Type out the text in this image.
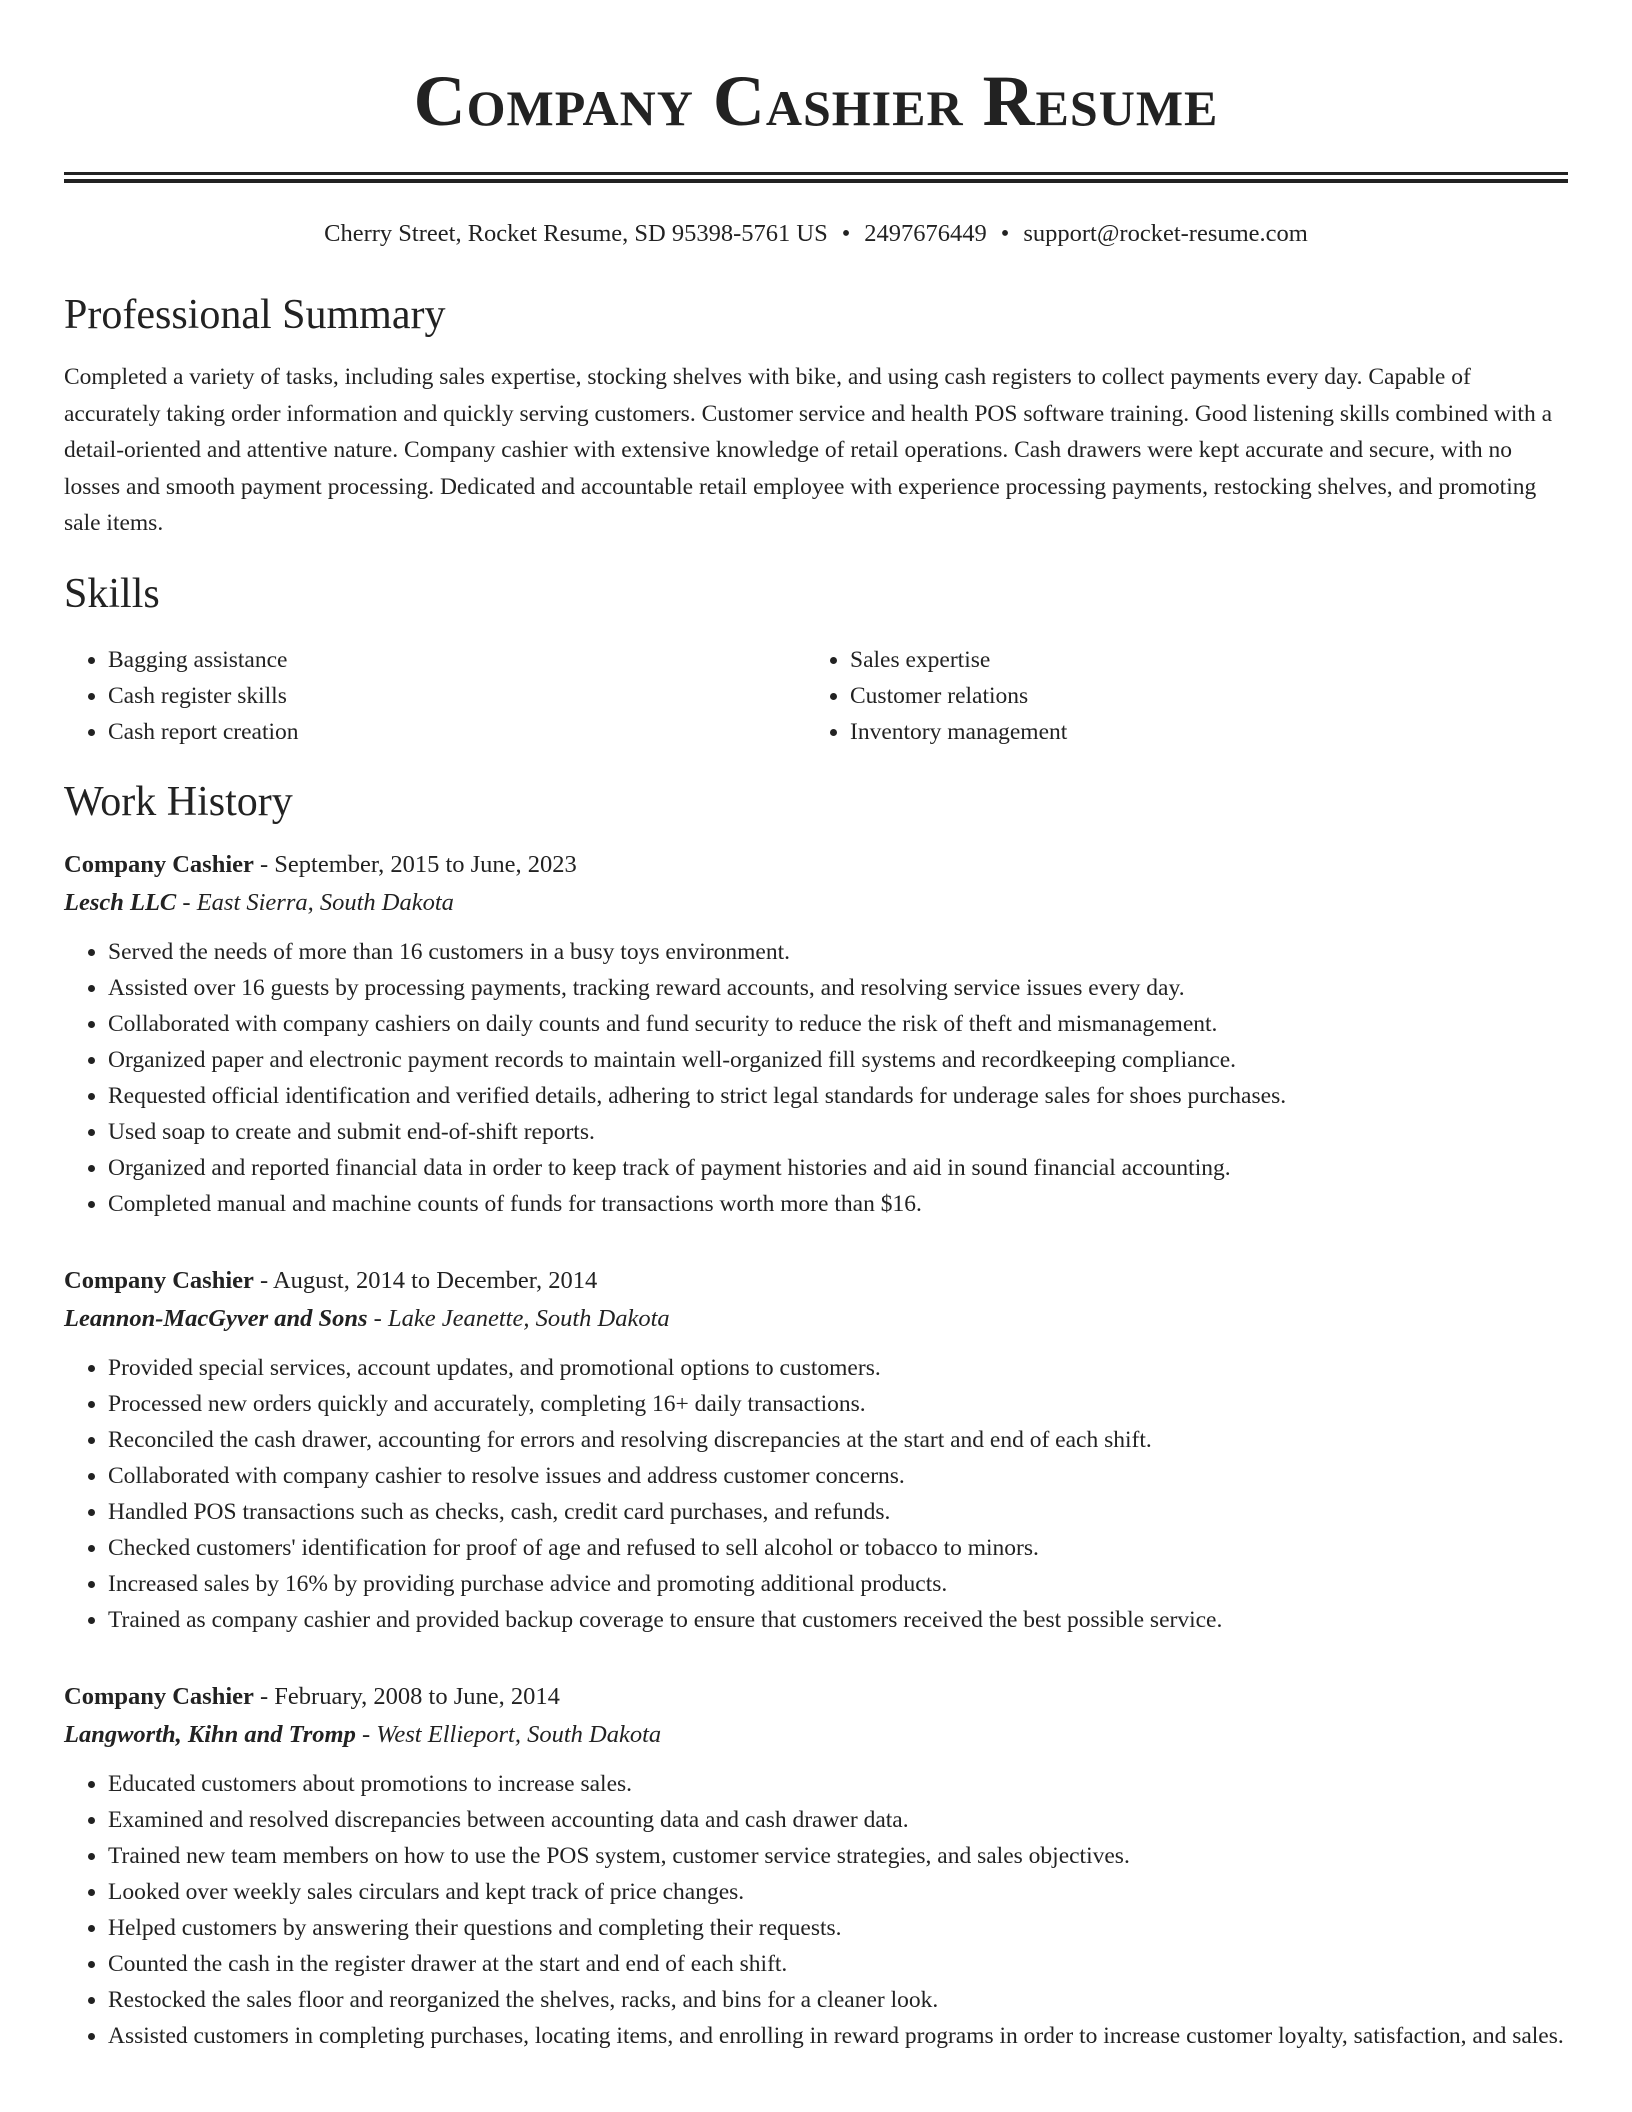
Company Cashier Resume
Cherry Street, Rocket Resume, SD 95398-5761 US • 2497676449 • support@rocket-resume.com
Professional Summary

Completed a variety of tasks, including sales expertise, stocking shelves with bike, and using cash registers to collect payments every day. Capable of accurately taking order information and quickly serving customers. Customer service and health POS software training. Good listening skills combined with a detail-oriented and attentive nature. Company cashier with extensive knowledge of retail operations. Cash drawers were kept accurate and secure, with no losses and smooth payment processing. Dedicated and accountable retail employee with experience processing payments, restocking shelves, and promoting sale items.

Skills
• Bagging assistance
• Cash register skills
• Cash report creation
• Sales expertise
• Customer relations
• Inventory management
Work History
Company Cashier - September, 2015 to June, 2023
Lesch LLC - East Sierra, South Dakota
• Served the needs of more than 16 customers in a busy toys environment.
• Assisted over 16 guests by processing payments, tracking reward accounts, and resolving service issues every day.
• Collaborated with company cashiers on daily counts and fund security to reduce the risk of theft and mismanagement.
• Organized paper and electronic payment records to maintain well-organized fill systems and recordkeeping compliance.
• Requested official identification and verified details, adhering to strict legal standards for underage sales for shoes purchases.
• Used soap to create and submit end-of-shift reports.
• Organized and reported financial data in order to keep track of payment histories and aid in sound financial accounting.
• Completed manual and machine counts of funds for transactions worth more than $16.
Company Cashier - August, 2014 to December, 2014
Leannon-MacGyver and Sons - Lake Jeanette, South Dakota
• Provided special services, account updates, and promotional options to customers.
• Processed new orders quickly and accurately, completing 16+ daily transactions.
• Reconciled the cash drawer, accounting for errors and resolving discrepancies at the start and end of each shift.
• Collaborated with company cashier to resolve issues and address customer concerns.
• Handled POS transactions such as checks, cash, credit card purchases, and refunds.
• Checked customers' identification for proof of age and refused to sell alcohol or tobacco to minors.
• Increased sales by 16% by providing purchase advice and promoting additional products.
• Trained as company cashier and provided backup coverage to ensure that customers received the best possible service.
Company Cashier - February, 2008 to June, 2014
Langworth, Kihn and Tromp - West Ellieport, South Dakota
• Educated customers about promotions to increase sales.
• Examined and resolved discrepancies between accounting data and cash drawer data.
• Trained new team members on how to use the POS system, customer service strategies, and sales objectives.
• Looked over weekly sales circulars and kept track of price changes.
• Helped customers by answering their questions and completing their requests.
• Counted the cash in the register drawer at the start and end of each shift.
• Restocked the sales floor and reorganized the shelves, racks, and bins for a cleaner look.
• Assisted customers in completing purchases, locating items, and enrolling in reward programs in order to increase customer loyalty, satisfaction, and sales.
